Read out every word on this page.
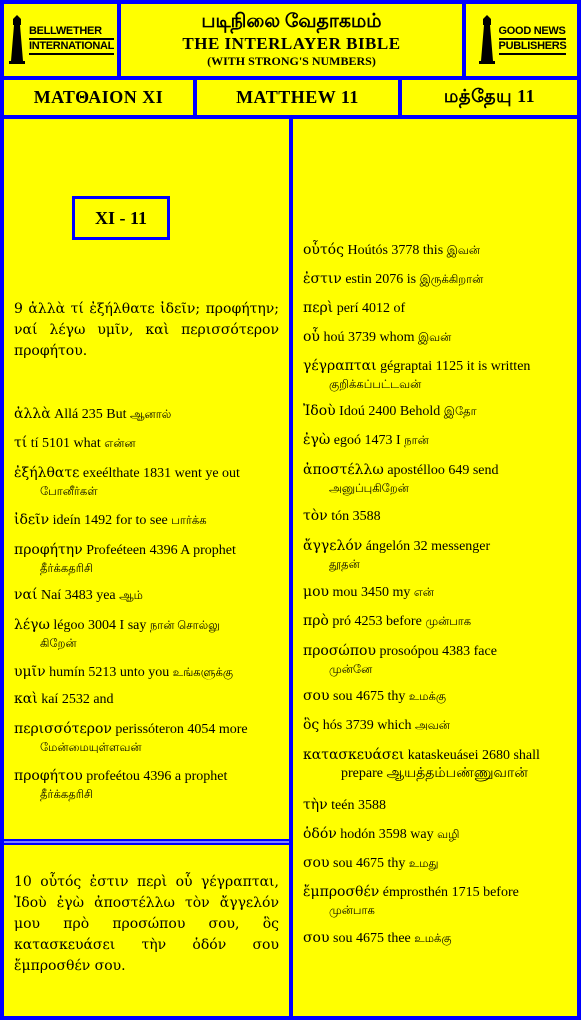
BELLWETHER
INTERNATIONAL
படிநிலை வேதாகமம்
THE INTERLAYER BIBLE
(WITH STRONG'S NUMBERS)
GOOD NEWS
PUBLISHERS
ΜΑΤΘΑΙΟΝ XI	MATTHEW 11	மத்தேயு 11
XI - 11
9 ἀλλὰ τί ἐξήλθατε ἰδεῖν; προφήτην; ναί λέγω υμῖν, καὶ περισσότερον προφήτου.
10 οὗτός ἐστιν περὶ οὗ γέγραπται, Ἰδοὺ ἐγὼ ἀποστέλλω τὸν ἄγγελόν μου πρὸ προσώπου σου, ὃς κατασκευάσει τὴν ὁδόν σου ἔμπροσθέν σου.
ἀλλὰ Allá 235 But ஆனால்
τί tí 5101 what என்ன
ἐξήλθατε exeélthate 1831 went ye out
போனீர்கள்
ἰδεῖν ideín 1492 for to see பார்க்க
προφήτην Profeéteen 4396 A prophet
தீர்க்கதரிசி
ναί Naí 3483 yea ஆம்
λέγω légoo 3004 I say நான் சொல்லு
கிறேன்
υμῖν humín 5213 unto you உங்களுக்கு
καὶ kaí 2532 and
περισσότερον perissóteron 4054 more
மேன்மையுள்ளவன்
προφήτου profeétou 4396 a prophet
தீர்க்கதரிசி
οὗτός Hoútós 3778 this இவன்
ἐστιν estin 2076 is இருக்கிறான்
περὶ perí 4012 of
οὗ hoú 3739 whom இவன்
γέγραπται gégraptai 1125 it is written
குறிக்கப்பட்டவன்
Ἰδοὺ Idoú 2400 Behold இதோ
ἐγὼ egoó 1473 I நான்
ἀποστέλλω apostélloo 649 send
அனுப்புகிறேன்
τὸν tón 3588
ἄγγελόν ángelón 32 messenger
தூதன்
μου mou 3450 my என்
πρὸ pró 4253 before முன்பாக
προσώπου prosoópou 4383 face
முன்னே
σου sou 4675 thy உமக்கு
ὃς hós 3739 which அவன்
κατασκευάσει kataskeuásei 2680 shall
prepare ஆயத்தம்பண்ணுவான்
τὴν teén 3588
ὁδόν hodón 3598 way வழி
σου sou 4675 thy உமது
ἔμπροσθέν émprosthén 1715 before
முன்பாக
σου sou 4675 thee உமக்கு
